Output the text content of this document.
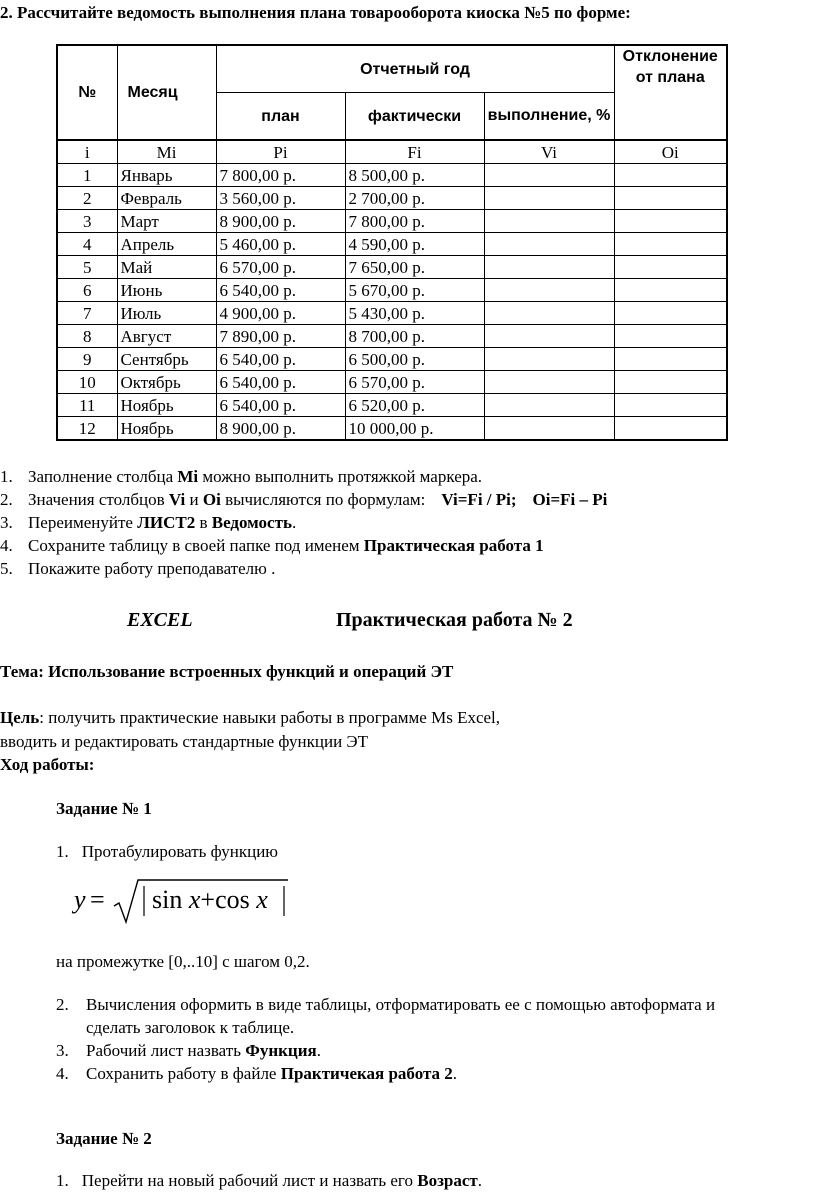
2. Рассчитайте ведомость выполнения плана товарооборота киоска №5 по форме:
№	Месяц	Отчетный год			Отклонение от плана
		план	фактически	выполнение, %	
i	Mi	Pi	Fi	Vi	Oi
1	Январь	7 800,00 р.	8 500,00 р.		
2	Февраль	3 560,00 р.	2 700,00 р.		
3	Март	8 900,00 р.	7 800,00 р.		
4	Апрель	5 460,00 р.	4 590,00 р.		
5	Май	6 570,00 р.	7 650,00 р.		
6	Июнь	6 540,00 р.	5 670,00 р.		
7	Июль	4 900,00 р.	5 430,00 р.		
8	Август	7 890,00 р.	8 700,00 р.		
9	Сентябрь	6 540,00 р.	6 500,00 р.		
10	Октябрь	6 540,00 р.	6 570,00 р.		
11	Ноябрь	6 540,00 р.	6 520,00 р.		
12	Ноябрь	8 900,00 р.	10 000,00 р.		
1. Заполнение столбца Mi можно выполнить протяжкой маркера.
2. Значения столбцов Vi и Oi вычисляются по формулам: Vi=Fi / Pi; Oi=Fi – Pi
3. Переименуйте ЛИСТ2 в Ведомость.
4. Сохраните таблицу в своей папке под именем Практическая работа 1
5. Покажите работу преподавателю .
EXCEL	Практическая работа № 2
Тема: Использование встроенных функций и операций ЭТ
Цель: получить практические навыки работы в программе Ms Excel,
вводить и редактировать стандартные функции ЭТ
Ход работы:
Задание № 1
1. Протабулировать функцию
y = sin x+cos x
на промежутке [0,..10] с шагом 0,2.
2. Вычисления оформить в виде таблицы, отформатировать ее с помощью автоформата и
сделать заголовок к таблице.
3. Рабочий лист назвать Функция.
4. Сохранить работу в файле Практичекая работа 2.
Задание № 2
1. Перейти на новый рабочий лист и назвать его Возраст.
